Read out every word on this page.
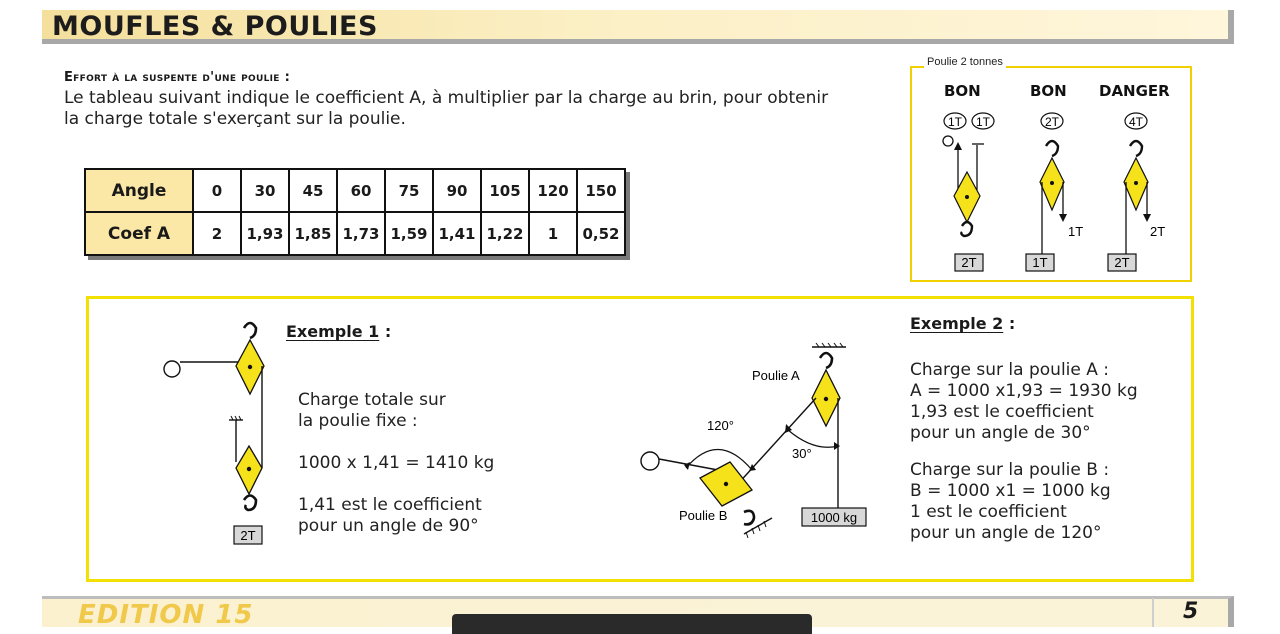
MOUFLES & POULIES
Effort à la suspente d'une poulie :
Le tableau suivant indique le coefficient A, à multiplier par la charge au brin, pour obtenir
la charge totale s'exerçant sur la poulie.
Angle	0	30	45	60	75	90	105	120	150
Coef A	2	1,93	1,85	1,73	1,59	1,41	1,22	1	0,52
Poulie 2 tonnes
BON	BON DANGER
1T 1T	2T	4T
2T
1T
1T
2T
2T
Exemple 1 :
Charge totale sur
la poulie fixe :
1000 x 1,41 = 1410 kg
1,41 est le coefficient
pour un angle de 90°
2T
1000 kg
Poulie A
Poulie B
120°
30°
Exemple 2 :
Charge sur la poulie A :
A = 1000 x1,93 = 1930 kg
1,93 est le coefficient
pour un angle de 30°
Charge sur la poulie B :
B = 1000 x1 = 1000 kg
1 est le coefficient
pour un angle de 120°
EDITION 15	5
